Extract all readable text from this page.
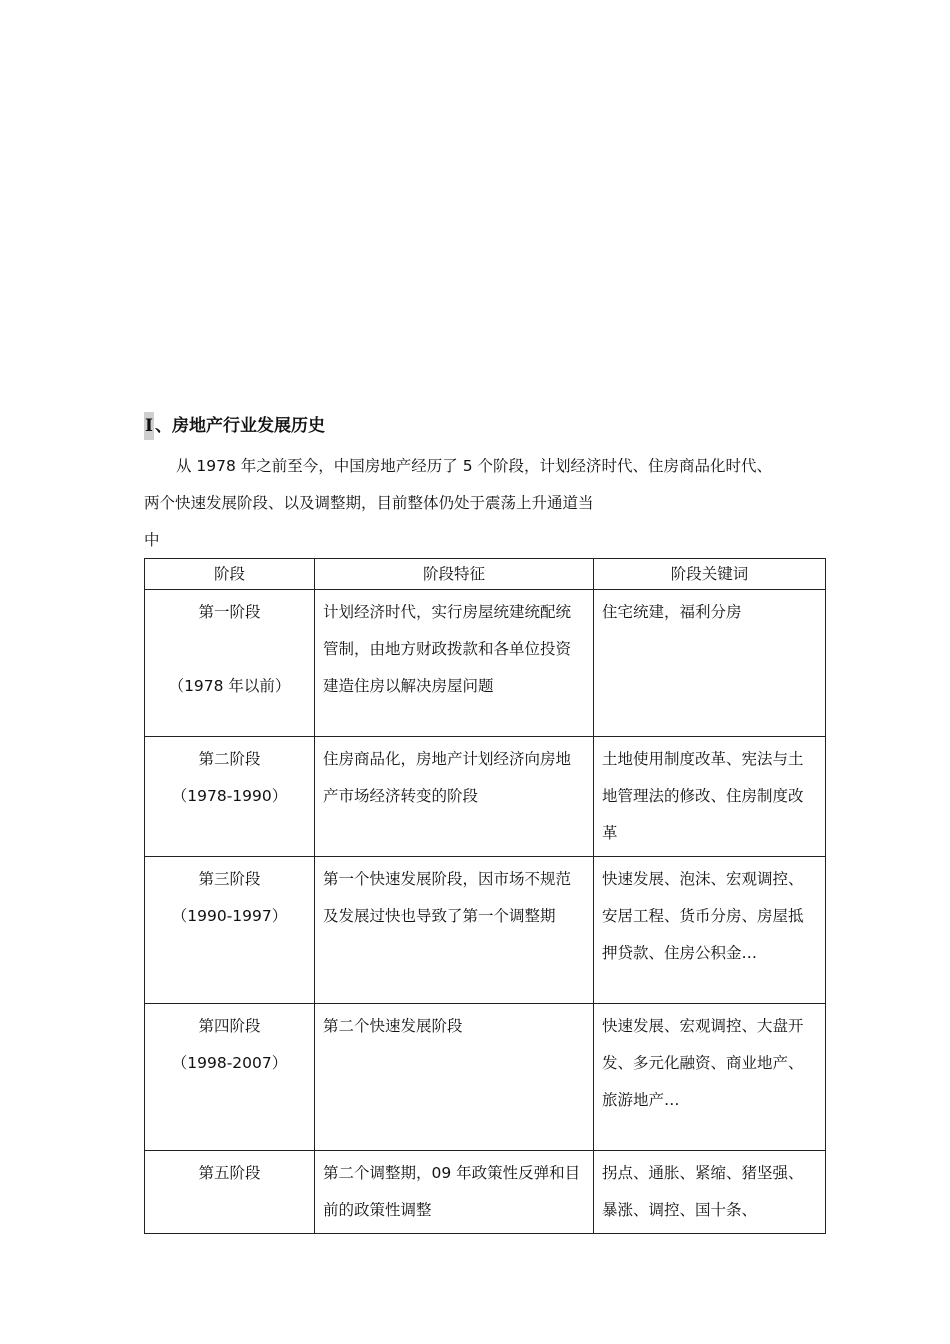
I 、房地产行业发展历史

从 1978 年之前至今，中国房地产经历了 5 个阶段，计划经济时代、住房商品化时代、

两个快速发展阶段、以及调整期，目前整体仍处于震荡上升通道当

中

阶段	阶段特征	阶段关键词

第一阶段
（1978 年以前）	计划经济时代，实行房屋统建统配统管制，由地方财政拨款和各单位投资建造住房以解决房屋问题	住宅统建，福利分房

第二阶段
（1978-1990）	住房商品化，房地产计划经济向房地产市场经济转变的阶段	土地使用制度改革、宪法与土地管理法的修改、住房制度改革

第三阶段
（1990-1997）	第一个快速发展阶段，因市场不规范及发展过快也导致了第一个调整期	快速发展、泡沫、宏观调控、安居工程、货币分房、房屋抵押贷款、住房公积金…

第四阶段
（1998-2007）	第二个快速发展阶段	快速发展、宏观调控、大盘开发、多元化融资、商业地产、旅游地产…

第五阶段	第二个调整期，09 年政策性反弹和目前的政策性调整	拐点、通胀、紧缩、猪坚强、暴涨、调控、国十条、
